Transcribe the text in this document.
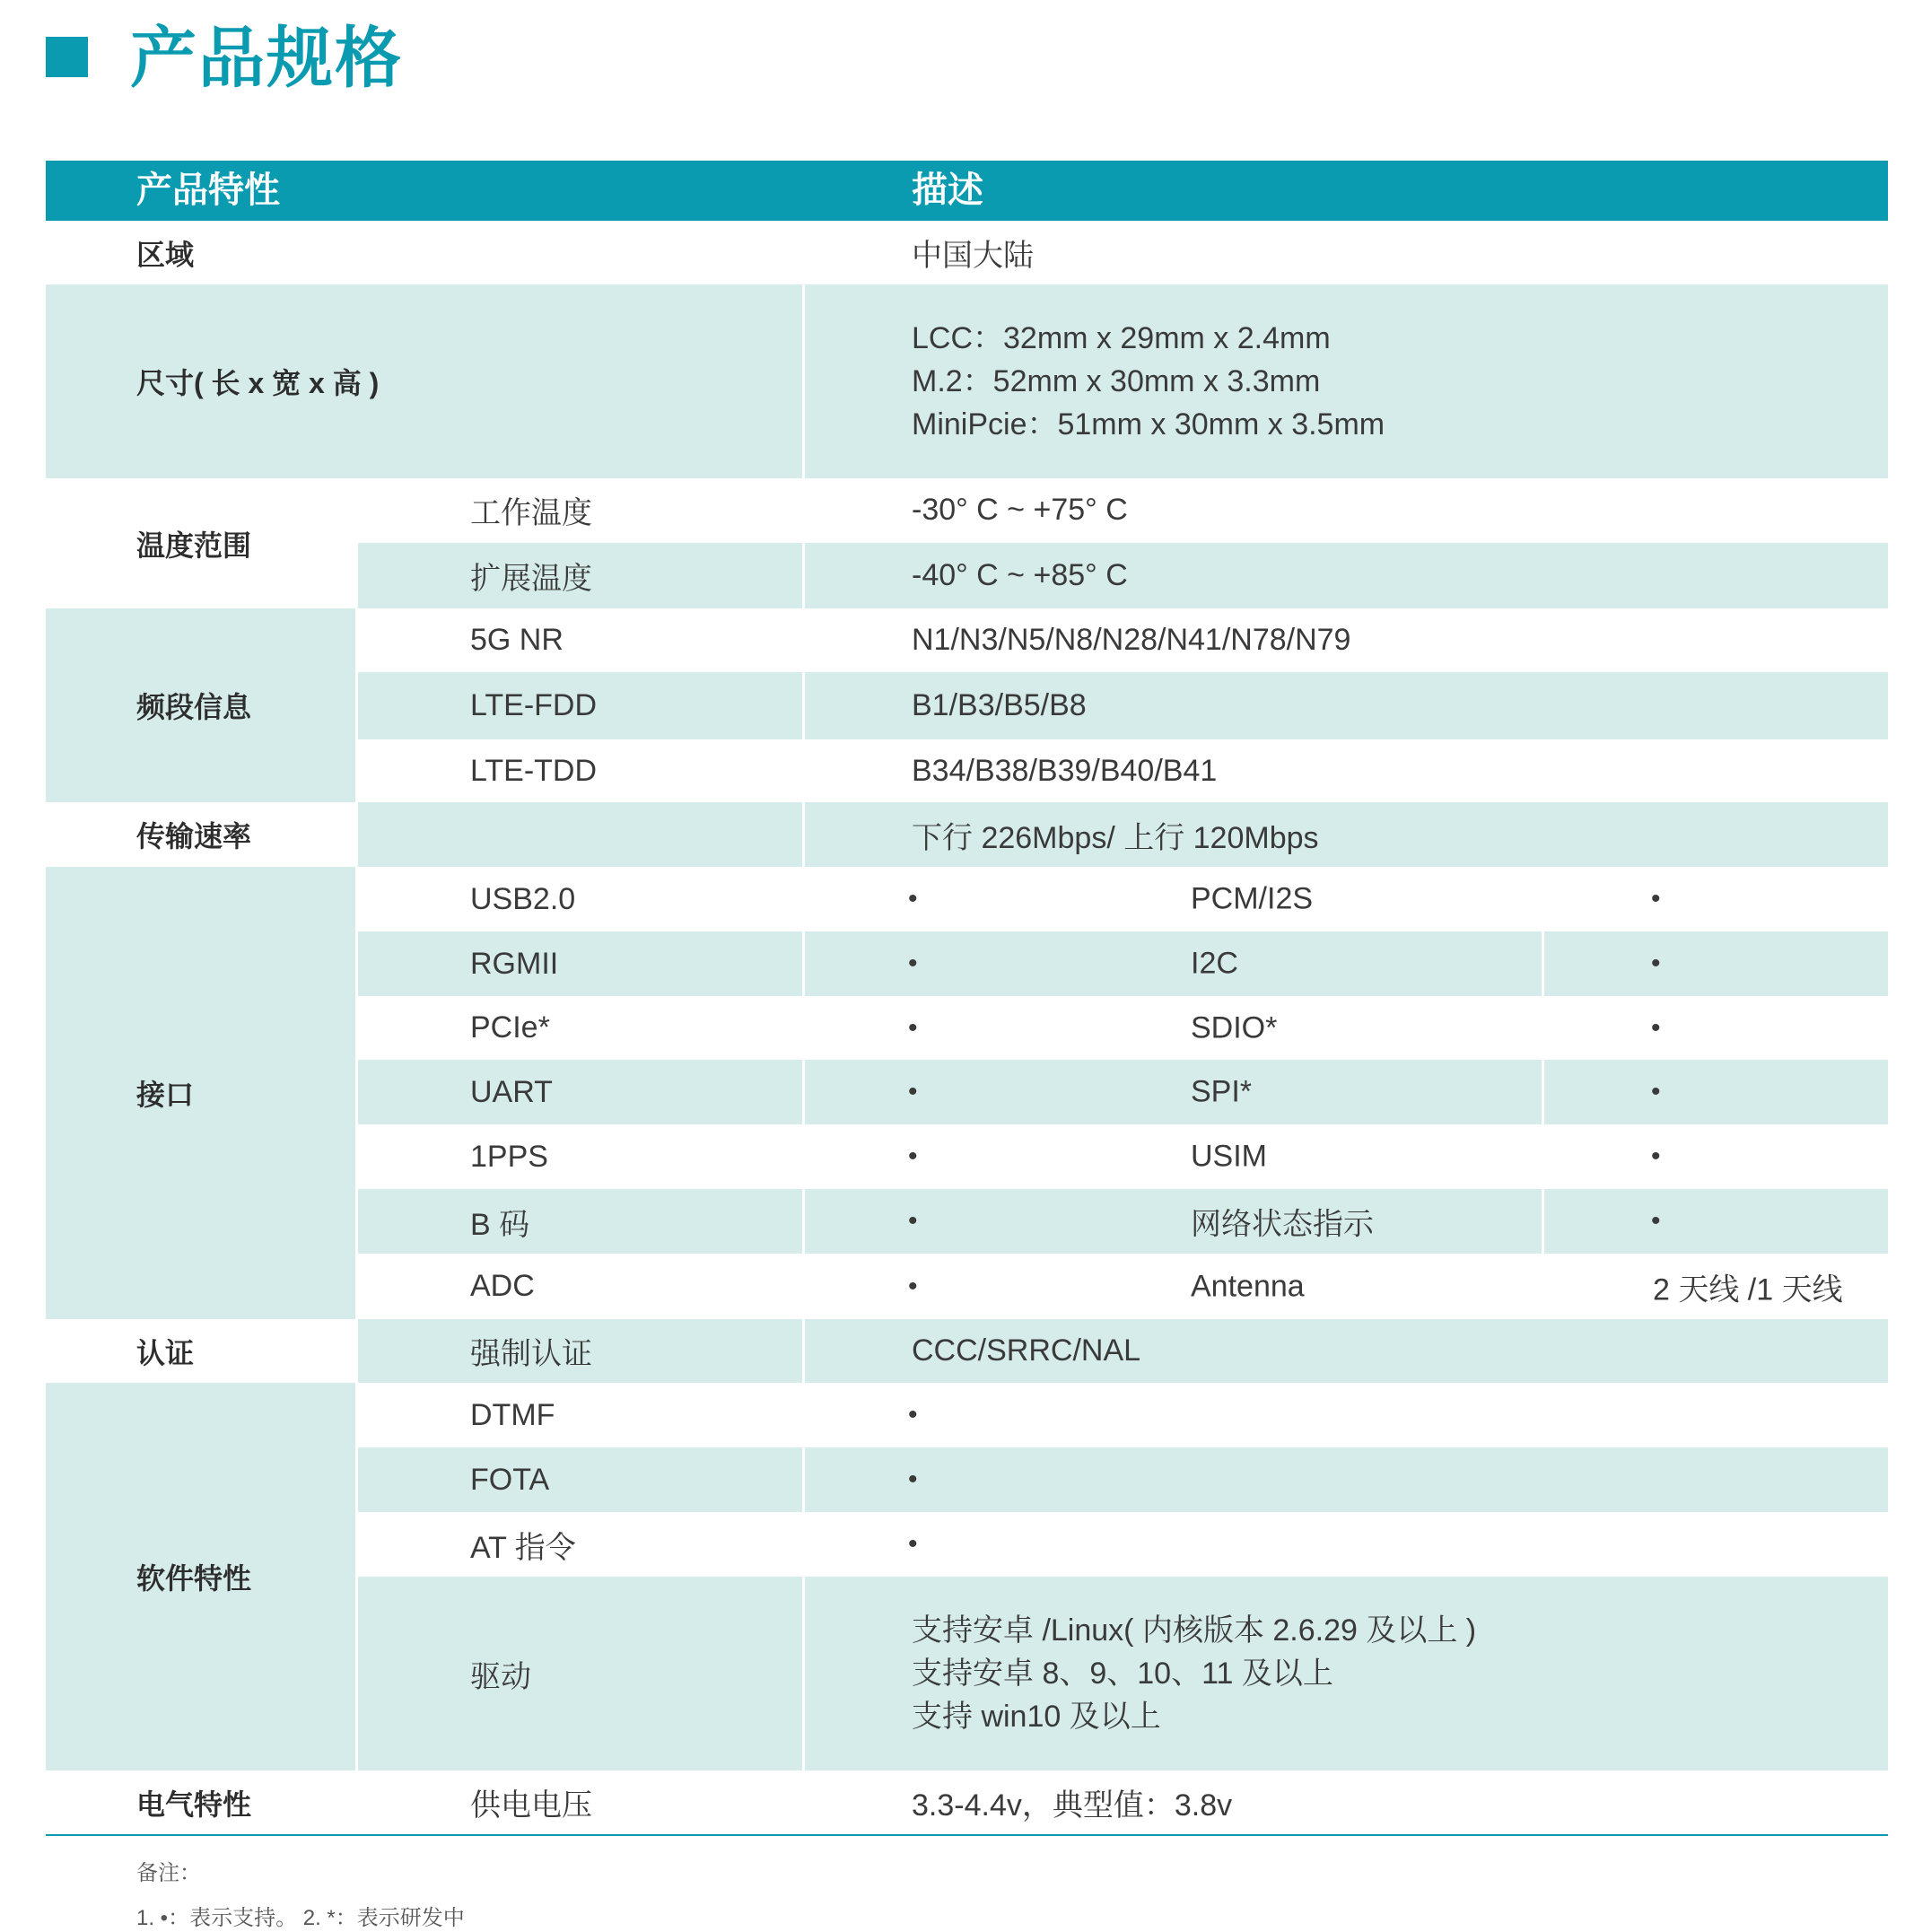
产品规格
产品特性	描述
区域	中国大陆
尺寸( 长 x 宽 x 高 )
LCC：32mm x 29mm x 2.4mm
M.2：52mm x 30mm x 3.3mm
MiniPcie：51mm x 30mm x 3.5mm
温度范围
工作温度	-30° C ~ +75° C
扩展温度	-40° C ~ +85° C
频段信息
5G NR	N1/N3/N5/N8/N28/N41/N78/N79
LTE-FDD	B1/B3/B5/B8
LTE-TDD	B34/B38/B39/B40/B41
传输速率	下行 226Mbps/ 上行 120Mbps
接口
USB2.0	•	PCM/I2S	•
RGMII	•	I2C	•
PCIe*	•	SDIO*	•
UART	•	SPI*	•
1PPS	•	USIM	•
B 码	•	网络状态指示	•
ADC	•	Antenna	2 天线 /1 天线
认证	强制认证	CCC/SRRC/NAL
软件特性
DTMF	•
FOTA	•
AT 指令	•
驱动
支持安卓 /Linux( 内核版本 2.6.29 及以上 )
支持安卓 8、9、10、11 及以上
支持 win10 及以上
电气特性	供电电压	3.3-4.4v，典型值：3.8v
备注：
1. •：表示支持。 2. *：表示研发中
